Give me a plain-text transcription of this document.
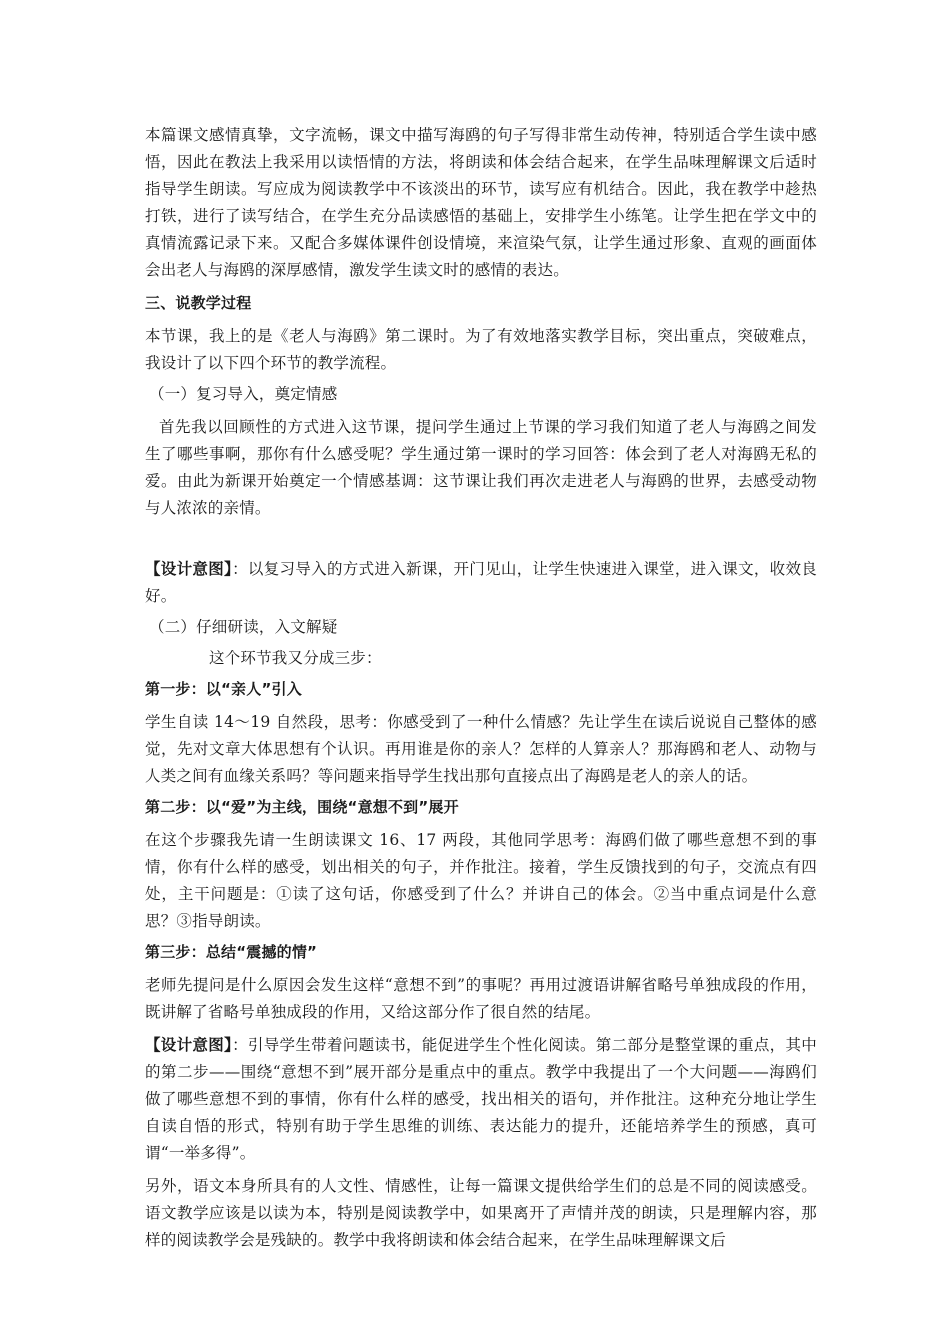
本篇课文感情真挚，文字流畅，课文中描写海鸥的句子写得非常生动传神，特别适合学生读中感悟，因此在教法上我采用以读悟情的方法，将朗读和体会结合起来，在学生品味理解课文后适时指导学生朗读。写应成为阅读教学中不该淡出的环节，读写应有机结合。因此，我在教学中趁热打铁，进行了读写结合，在学生充分品读感悟的基础上，安排学生小练笔。让学生把在学文中的真情流露记录下来。又配合多媒体课件创设情境，来渲染气氛，让学生通过形象、直观的画面体会出老人与海鸥的深厚感情，激发学生读文时的感情的表达。

三、说教学过程

本节课，我上的是《老人与海鸥》第二课时。为了有效地落实教学目标，突出重点，突破难点，我设计了以下四个环节的教学流程。

（一）复习导入，奠定情感

首先我以回顾性的方式进入这节课，提问学生通过上节课的学习我们知道了老人与海鸥之间发生了哪些事啊，那你有什么感受呢？学生通过第一课时的学习回答：体会到了老人对海鸥无私的爱。由此为新课开始奠定一个情感基调：这节课让我们再次走进老人与海鸥的世界，去感受动物与人浓浓的亲情。

【设计意图】：以复习导入的方式进入新课，开门见山，让学生快速进入课堂，进入课文，收效良好。

（二）仔细研读，入文解疑

这个环节我又分成三步：

第一步：以“亲人”引入

学生自读 14～19 自然段，思考：你感受到了一种什么情感？先让学生在读后说说自己整体的感觉，先对文章大体思想有个认识。再用谁是你的亲人？怎样的人算亲人？那海鸥和老人、动物与人类之间有血缘关系吗？等问题来指导学生找出那句直接点出了海鸥是老人的亲人的话。

第二步：以“爱”为主线，围绕“意想不到”展开

在这个步骤我先请一生朗读课文 16、17 两段，其他同学思考：海鸥们做了哪些意想不到的事情，你有什么样的感受，划出相关的句子，并作批注。接着，学生反馈找到的句子，交流点有四处，主干问题是：①读了这句话，你感受到了什么？并讲自己的体会。②当中重点词是什么意思？③指导朗读。

第三步：总结“震撼的情”

老师先提问是什么原因会发生这样“意想不到”的事呢？再用过渡语讲解省略号单独成段的作用，既讲解了省略号单独成段的作用，又给这部分作了很自然的结尾。

【设计意图】：引导学生带着问题读书，能促进学生个性化阅读。第二部分是整堂课的重点，其中的第二步——围绕“意想不到”展开部分是重点中的重点。教学中我提出了一个大问题——海鸥们做了哪些意想不到的事情，你有什么样的感受，找出相关的语句，并作批注。这种充分地让学生自读自悟的形式，特别有助于学生思维的训练、表达能力的提升，还能培养学生的预感，真可谓“一举多得”。

另外，语文本身所具有的人文性、情感性，让每一篇课文提供给学生们的总是不同的阅读感受。语文教学应该是以读为本，特别是阅读教学中，如果离开了声情并茂的朗读，只是理解内容，那样的阅读教学会是残缺的。教学中我将朗读和体会结合起来，在学生品味理解课文后
